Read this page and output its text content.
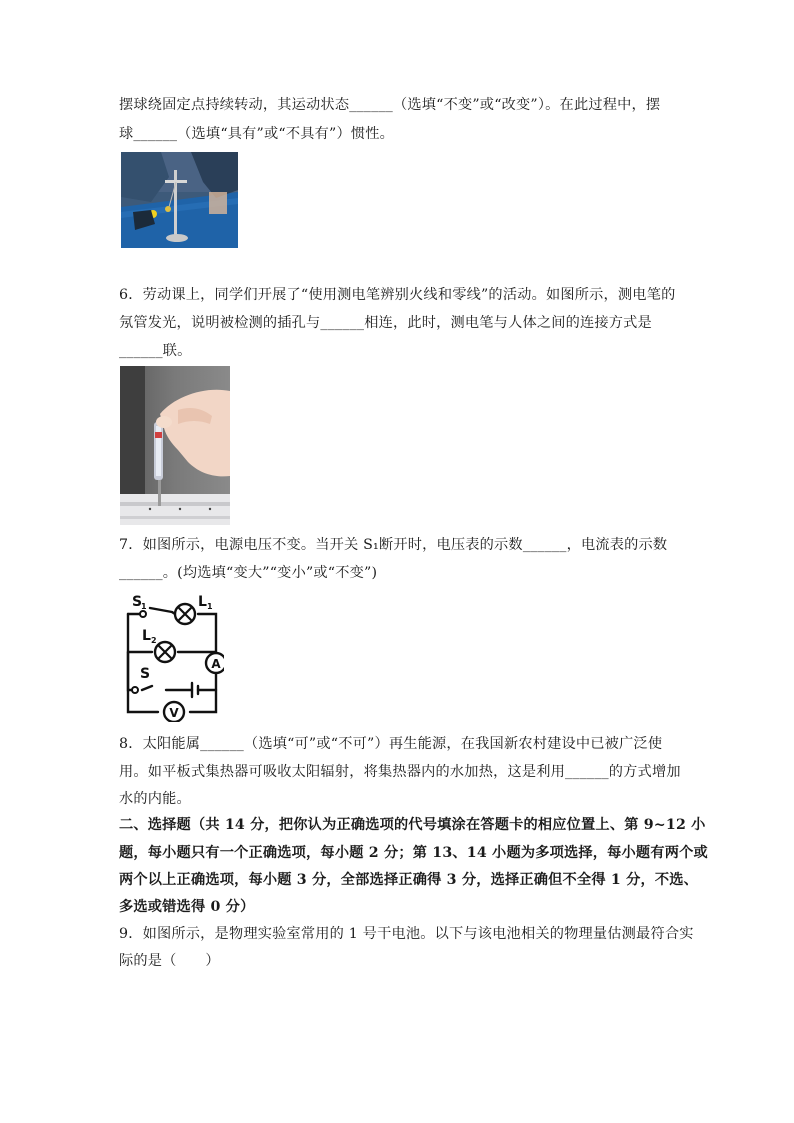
摆球绕固定点持续转动，其运动状态______（选填“不变”或“改变”）。在此过程中，摆
球______（选填“具有”或“不具有”）惯性。
6．劳动课上，同学们开展了“使用测电笔辨别火线和零线”的活动。如图所示，测电笔的
氖管发光，说明被检测的插孔与______相连，此时，测电笔与人体之间的连接方式是
______联。
7．如图所示，电源电压不变。当开关 S₁断开时，电压表的示数______，电流表的示数
______。(均选填“变大”“变小”或“不变”)
S
1	L 1
L 2
A
S
V
8．太阳能属______（选填“可”或“不可”）再生能源，在我国新农村建设中已被广泛使
用。如平板式集热器可吸收太阳辐射，将集热器内的水加热，这是利用______的方式增加
水的内能。
二、选择题（共 14 分，把你认为正确选项的代号填涂在答题卡的相应位置上、第 9~12 小
题，每小题只有一个正确选项，每小题 2 分；第 13、14 小题为多项选择，每小题有两个或
两个以上正确选项，每小题 3 分，全部选择正确得 3 分，选择正确但不全得 1 分，不选、
多选或错选得 0 分）
9．如图所示，是物理实验室常用的 1 号干电池。以下与该电池相关的物理量估测最符合实
际的是（　　）
